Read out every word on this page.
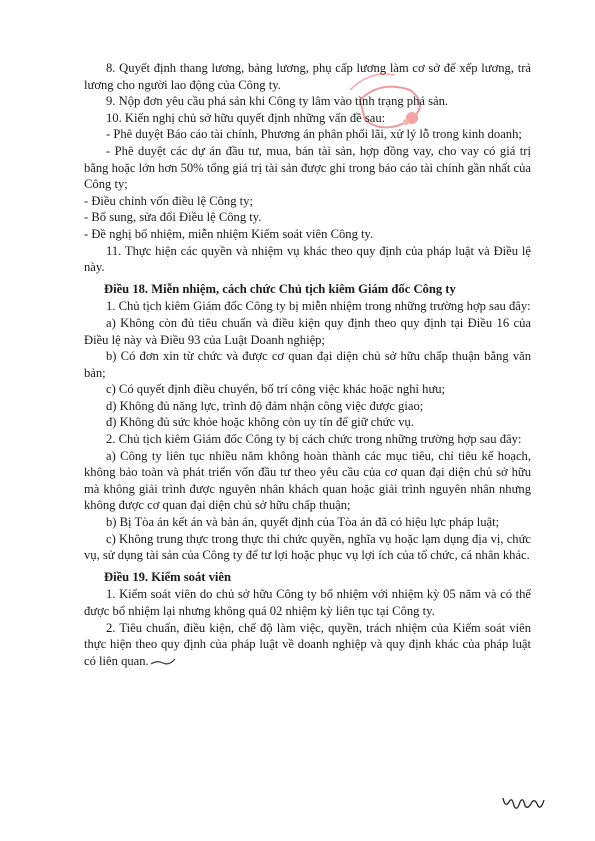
8. Quyết định thang lương, bảng lương, phụ cấp lương làm cơ sở để xếp lương, trả lương cho người lao động của Công ty.

9. Nộp đơn yêu cầu phá sản khi Công ty lâm vào tình trạng phá sản.

10. Kiến nghị chủ sở hữu quyết định những vấn đề sau:

- Phê duyệt Báo cáo tài chính, Phương án phân phối lãi, xử lý lỗ trong kinh doanh;

- Phê duyệt các dự án đầu tư, mua, bán tài sản, hợp đồng vay, cho vay có giá trị bằng hoặc lớn hơn 50% tổng giá trị tài sản được ghi trong báo cáo tài chính gần nhất của Công ty;

- Điều chỉnh vốn điều lệ Công ty;

- Bổ sung, sửa đổi Điều lệ Công ty.

- Đề nghị bổ nhiệm, miễn nhiệm Kiểm soát viên Công ty.

11. Thực hiện các quyền và nhiệm vụ khác theo quy định của pháp luật và Điều lệ này.

Điều 18. Miễn nhiệm, cách chức Chủ tịch kiêm Giám đốc Công ty

1. Chủ tịch kiêm Giám đốc Công ty bị miễn nhiệm trong những trường hợp sau đây:

a) Không còn đủ tiêu chuẩn và điều kiện quy định theo quy định tại Điều 16 của Điều lệ này và Điều 93 của Luật Doanh nghiệp;

b) Có đơn xin từ chức và được cơ quan đại diện chủ sở hữu chấp thuận bằng văn bản;

c) Có quyết định điều chuyển, bố trí công việc khác hoặc nghỉ hưu;

d) Không đủ năng lực, trình độ đảm nhận công việc được giao;

đ) Không đủ sức khỏe hoặc không còn uy tín để giữ chức vụ.

2. Chủ tịch kiêm Giám đốc Công ty bị cách chức trong những trường hợp sau đây:

a) Công ty liên tục nhiều năm không hoàn thành các mục tiêu, chỉ tiêu kế hoạch, không bảo toàn và phát triển vốn đầu tư theo yêu cầu của cơ quan đại diện chủ sở hữu mà không giải trình được nguyên nhân khách quan hoặc giải trình nguyên nhân nhưng không được cơ quan đại diện chủ sở hữu chấp thuận;

b) Bị Tòa án kết án và bản án, quyết định của Tòa án đã có hiệu lực pháp luật;

c) Không trung thực trong thực thi chức quyền, nghĩa vụ hoặc lạm dụng địa vị, chức vụ, sử dụng tài sản của Công ty để tư lợi hoặc phục vụ lợi ích của tổ chức, cá nhân khác.

Điều 19. Kiểm soát viên

1. Kiểm soát viên do chủ sở hữu Công ty bổ nhiệm với nhiệm kỳ 05 năm và có thể được bổ nhiệm lại nhưng không quá 02 nhiệm kỳ liên tục tại Công ty.

2. Tiêu chuẩn, điều kiện, chế độ làm việc, quyền, trách nhiệm của Kiểm soát viên thực hiện theo quy định của pháp luật về doanh nghiệp và quy định khác của pháp luật có liên quan.
